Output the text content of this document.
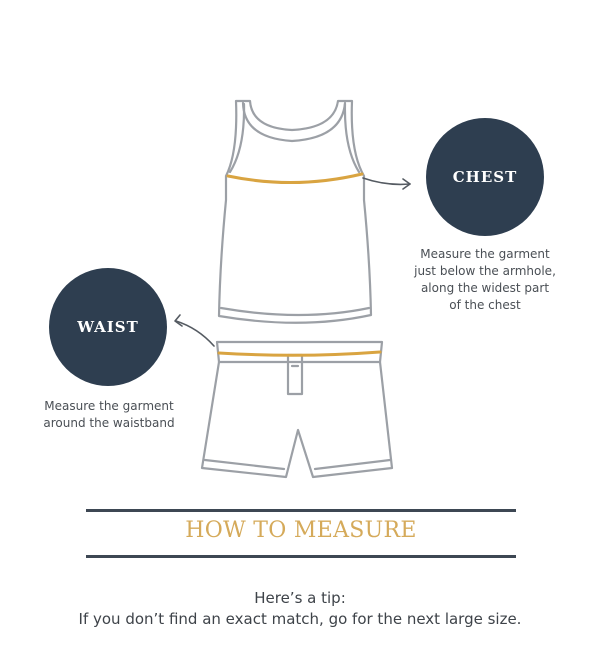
CHEST
Measure the garment
just below the armhole,
along the widest part
of the chest
WAIST
Measure the garment
around the waistband
HOW TO MEASURE
Here’s a tip:
If you don’t find an exact match, go for the next large size.
